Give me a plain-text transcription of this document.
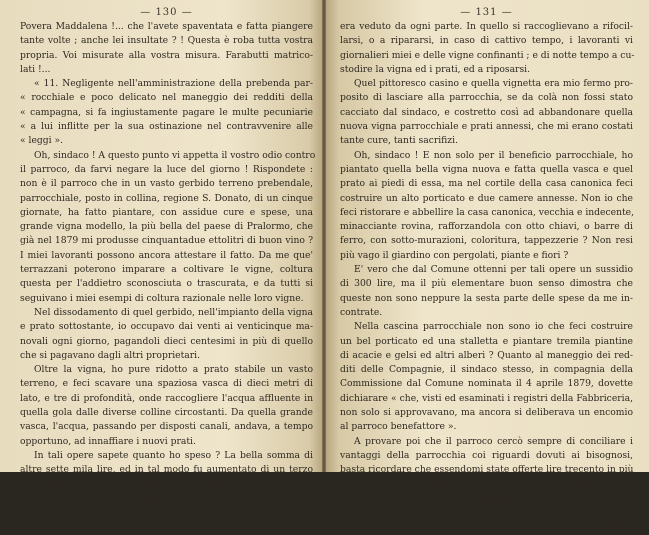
— 130 —
Povera Maddalena !... che l'avete spaventata e fatta piangere
tante volte ; anche lei insultate ? ! Questa è roba tutta vostra
propria. Voi misurate alla vostra misura. Farabutti matrico-
lati !...
« 11. Negligente nell'amministrazione della prebenda par-
« rocchiale e poco delicato nel maneggio dei redditi della
« campagna, si fa ingiustamente pagare le multe pecuniarie
« a lui inflitte per la sua ostinazione nel contravvenire alle
« leggi ».
Oh, sindaco ! A questo punto vi appetta il vostro odio contro
il parroco, da farvi negare la luce del giorno ! Rispondete :
non è il parroco che in un vasto gerbido terreno prebendale,
parrocchiale, posto in collina, regione S. Donato, di un cinque
giornate, ha fatto piantare, con assidue cure e spese, una
grande vigna modello, la più bella del paese di Pralormo, che
già nel 1879 mi produsse cinquantadue ettolitri di buon vino ?
I miei lavoranti possono ancora attestare il fatto. Da me que'
terrazzani poterono imparare a coltivare le vigne, coltura
questa per l'addietro sconosciuta o trascurata, e da tutti si
seguivano i miei esempi di coltura razionale nelle loro vigne.
Nel dissodamento di quel gerbido, nell'impianto della vigna
e prato sottostante, io occupavo dai venti ai venticinque ma-
novali ogni giorno, pagandoli dieci centesimi in più di quello
che si pagavano dagli altri proprietari.
Oltre la vigna, ho pure ridotto a prato stabile un vasto
terreno, e feci scavare una spaziosa vasca di dieci metri di
lato, e tre di profondità, onde raccogliere l'acqua affluente in
quella gola dalle diverse colline circostanti. Da quella grande
vasca, l'acqua, passando per disposti canali, andava, a tempo
opportuno, ad innaffiare i nuovi prati.
In tali opere sapete quanto ho speso ? La bella somma di
altre sette mila lire, ed in tal modo fu aumentato di un terzo
il reddito parrocchiale. Sul vertice di quell'alta collina, e quasi
nel centro della nuova vigna parrocchiale, comperai una vi-
gnetta di tre staia, ed in tal sito feci costruire un alto, spic-
cato, magnifico casino, che dominava l'immensa vallata, ed
— 131 —
era veduto da ogni parte. In quello si raccoglievano a rifocil-
larsi, o a ripararsi, in caso di cattivo tempo, i lavoranti vi
giornalieri miei e delle vigne confinanti ; e di notte tempo a cu-
stodire la vigna ed i prati, ed a riposarsi.
Quel pittoresco casino e quella vignetta era mio fermo pro-
posito di lasciare alla parrocchia, se da colà non fossi stato
cacciato dal sindaco, e costretto così ad abbandonare quella
nuova vigna parrocchiale e prati annessi, che mi erano costati
tante cure, tanti sacrifizi.
Oh, sindaco ! E non solo per il beneficio parrocchiale, ho
piantato quella bella vigna nuova e fatta quella vasca e quel
prato ai piedi di essa, ma nel cortile della casa canonica feci
costruire un alto porticato e due camere annesse. Non io che
feci ristorare e abbellire la casa canonica, vecchia e indecente,
minacciante rovina, rafforzandola con otto chiavi, o barre di
ferro, con sotto-murazioni, coloritura, tappezzerie ? Non resi
più vago il giardino con pergolati, piante e fiori ?
E' vero che dal Comune ottenni per tali opere un sussidio
di 300 lire, ma il più elementare buon senso dimostra che
queste non sono neppure la sesta parte delle spese da me in-
contrate.
Nella cascina parrocchiale non sono io che feci costruire
un bel porticato ed una stalletta e piantare tremila piantine
di acacie e gelsi ed altri alberi ? Quanto al maneggio dei red-
diti delle Compagnie, il sindaco stesso, in compagnia della
Commissione dal Comune nominata il 4 aprile 1879, dovette
dichiarare « che, visti ed esaminati i registri della Fabbriceria,
non solo si approvavano, ma ancora si deliberava un encomio
al parroco benefattore ».
A provare poi che il parroco cercò sempre di conciliare i
vantaggi della parrocchia coi riguardi dovuti ai bisognosi,
basta ricordare che essendomi state offerte lire trecento in più
dall'affitto della cascina parrocchiale, io, considerando che l'affit-
tavolo di quella era molto disgraziato, che in pochi mesi gli
erano morti il vecchio padre, ora stato derubato di 800 lire
da zingari da lui ospitati, che la sua madre era divenuta ebete,
